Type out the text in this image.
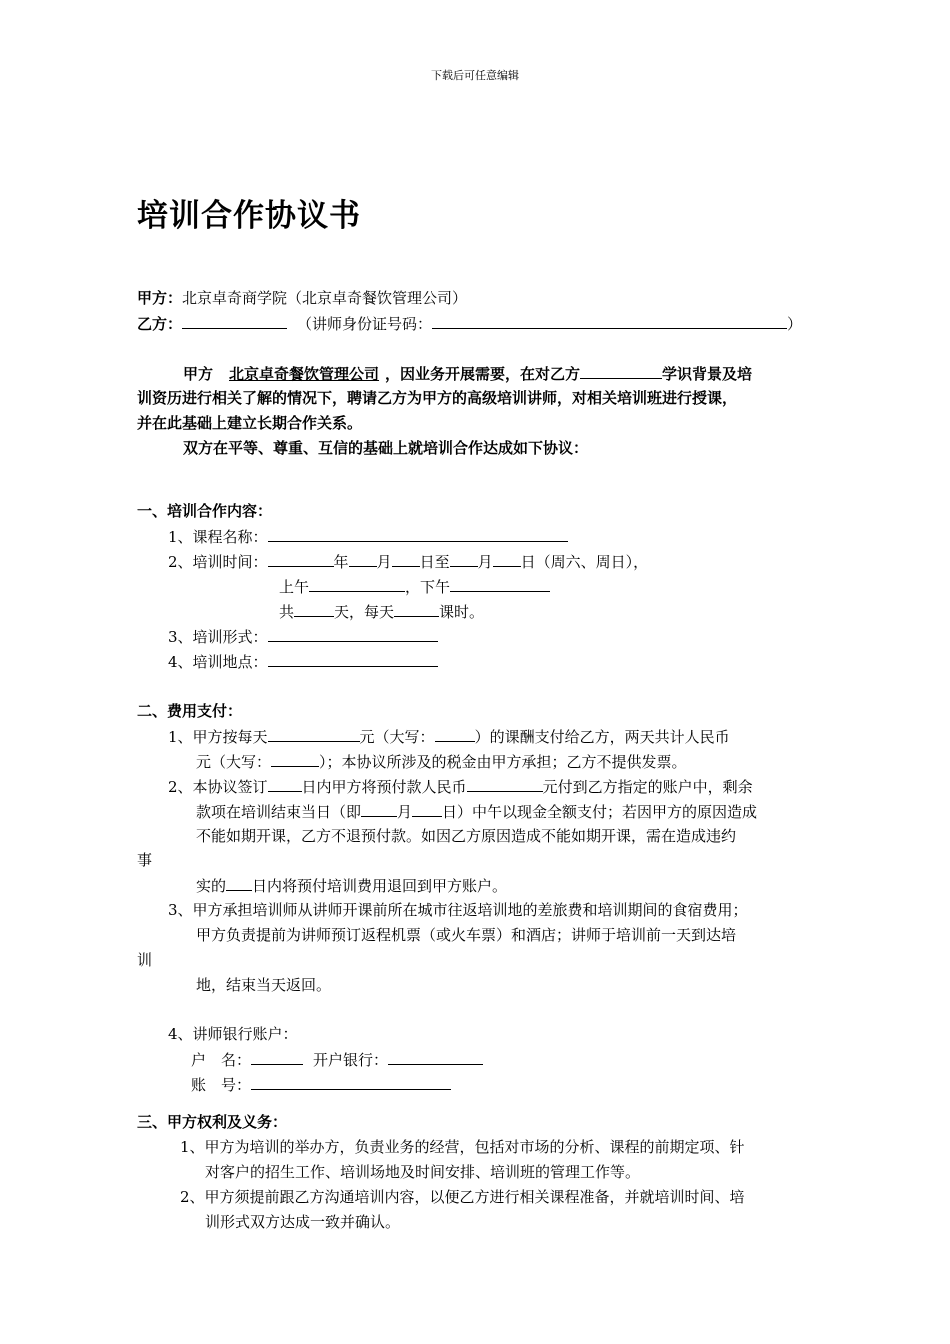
下载后可任意编辑
培训合作协议书
甲方：北京卓奇商学院（北京卓奇餐饮管理公司）
乙方：	（讲师身份证号码：	）
甲方 北京卓奇餐饮管理公司 ，因业务开展需要，在对乙方	学识背景及培
训资历进行相关了解的情况下，聘请乙方为甲方的高级培训讲师，对相关培训班进行授课，
并在此基础上建立长期合作关系。
双方在平等、尊重、互信的基础上就培训合作达成如下协议：
一、培训合作内容：
1、课程名称：
2、培训时间：	年 月 日至 月 日（周六、周日），
上午	，下午
共	天，每天	课时。
3、培训形式：
4、培训地点：
二、费用支付：
1、甲方按每天	元（大写：	）的课酬支付给乙方，两天共计人民币
元（大写：	）；本协议所涉及的税金由甲方承担；乙方不提供发票。
2、本协议签订 日内甲方将预付款人民币	元付到乙方指定的账户中，剩余
款项在培训结束当日（即 月 日）中午以现金全额支付；若因甲方的原因造成
不能如期开课，乙方不退预付款。如因乙方原因造成不能如期开课，需在造成违约
事
实的 日内将预付培训费用退回到甲方账户。
3、甲方承担培训师从讲师开课前所在城市往返培训地的差旅费和培训期间的食宿费用；
甲方负责提前为讲师预订返程机票（或火车票）和酒店；讲师于培训前一天到达培
训
地，结束当天返回。
4、讲师银行账户：
户　名：	开户银行：
账　号：
三、甲方权利及义务：
1、甲方为培训的举办方，负责业务的经营，包括对市场的分析、课程的前期定项、针
对客户的招生工作、培训场地及时间安排、培训班的管理工作等。
2、甲方须提前跟乙方沟通培训内容，以便乙方进行相关课程准备，并就培训时间、培
训形式双方达成一致并确认。
